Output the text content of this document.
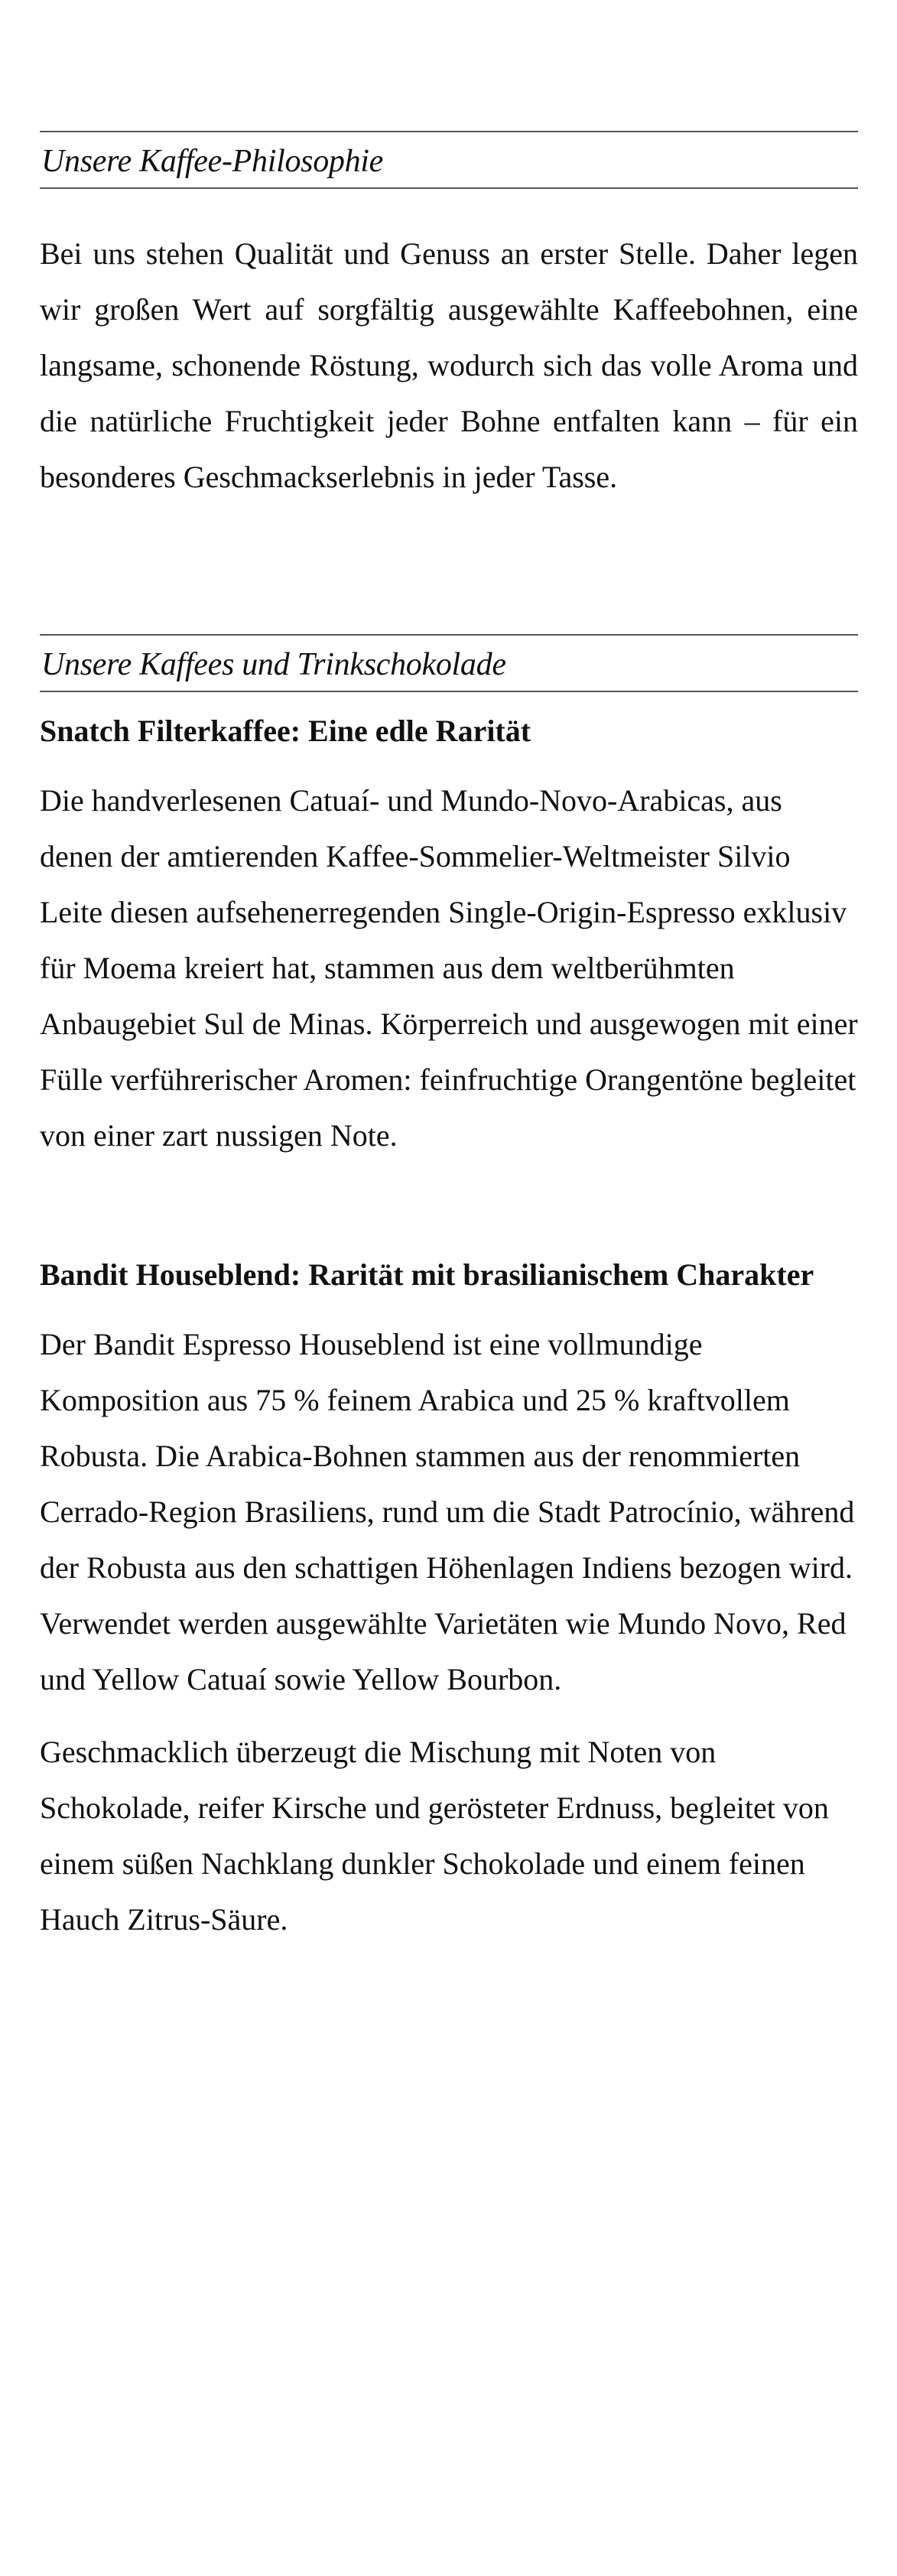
Unsere Kaffee-Philosophie

Bei uns stehen Qualität und Genuss an erster Stelle. Daher legen wir großen Wert auf sorgfältig ausgewählte Kaffeebohnen, eine langsame, schonende Röstung, wodurch sich das volle Aroma und die natürliche Fruchtigkeit jeder Bohne entfalten kann – für ein besonderes Geschmackserlebnis in jeder Tasse.

Unsere Kaffees und Trinkschokolade
Snatch Filterkaffee: Eine edle Rarität

Die handverlesenen Catuaí- und Mundo-Novo-Arabicas, aus denen der amtierenden Kaffee-Sommelier-Weltmeister Silvio Leite diesen aufsehenerregenden Single-Origin-Espresso exklusiv für Moema kreiert hat, stammen aus dem weltberühmten Anbaugebiet Sul de Minas. Körperreich und ausgewogen mit einer Fülle verführerischer Aromen: feinfruchtige Orangentöne begleitet von einer zart nussigen Note.

Bandit Houseblend: Rarität mit brasilianischem Charakter

Der Bandit Espresso Houseblend ist eine vollmundige Komposition aus 75 % feinem Arabica und 25 % kraftvollem Robusta. Die Arabica-Bohnen stammen aus der renommierten Cerrado-Region Brasiliens, rund um die Stadt Patrocínio, während der Robusta aus den schattigen Höhenlagen Indiens bezogen wird. Verwendet werden ausgewählte Varietäten wie Mundo Novo, Red und Yellow Catuaí sowie Yellow Bourbon.

Geschmacklich überzeugt die Mischung mit Noten von Schokolade, reifer Kirsche und gerösteter Erdnuss, begleitet von einem süßen Nachklang dunkler Schokolade und einem feinen Hauch Zitrus-Säure.
